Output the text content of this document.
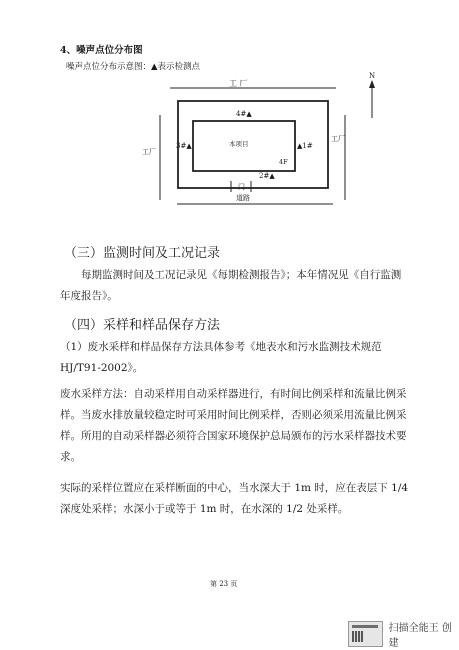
4、噪声点位分布图
噪声点位分布示意图：▲表示检测点
工 厂
工厂
工厂
N
4#▲
3#▲	▲1#
2#▲
本项目
4F
门
道路
（三）监测时间及工况记录
每期监测时间及工况记录见《每期检测报告》；本年情况见《自行监测年度报告》。
（四）采样和样品保存方法
（1）废水采样和样品保存方法具体参考《地表水和污水监测技术规范HJ/T91-2002》。
废水采样方法：自动采样用自动采样器进行，有时间比例采样和流量比例采样。当废水排放量较稳定时可采用时间比例采样，否则必须采用流量比例采样。所用的自动采样器必须符合国家环境保护总局颁布的污水采样器技术要求。
实际的采样位置应在采样断面的中心，当水深大于 1m 时，应在表层下 1/4深度处采样；水深小于或等于 1m 时，在水深的 1/2 处采样。
第 23 页
扫描全能王 创建
